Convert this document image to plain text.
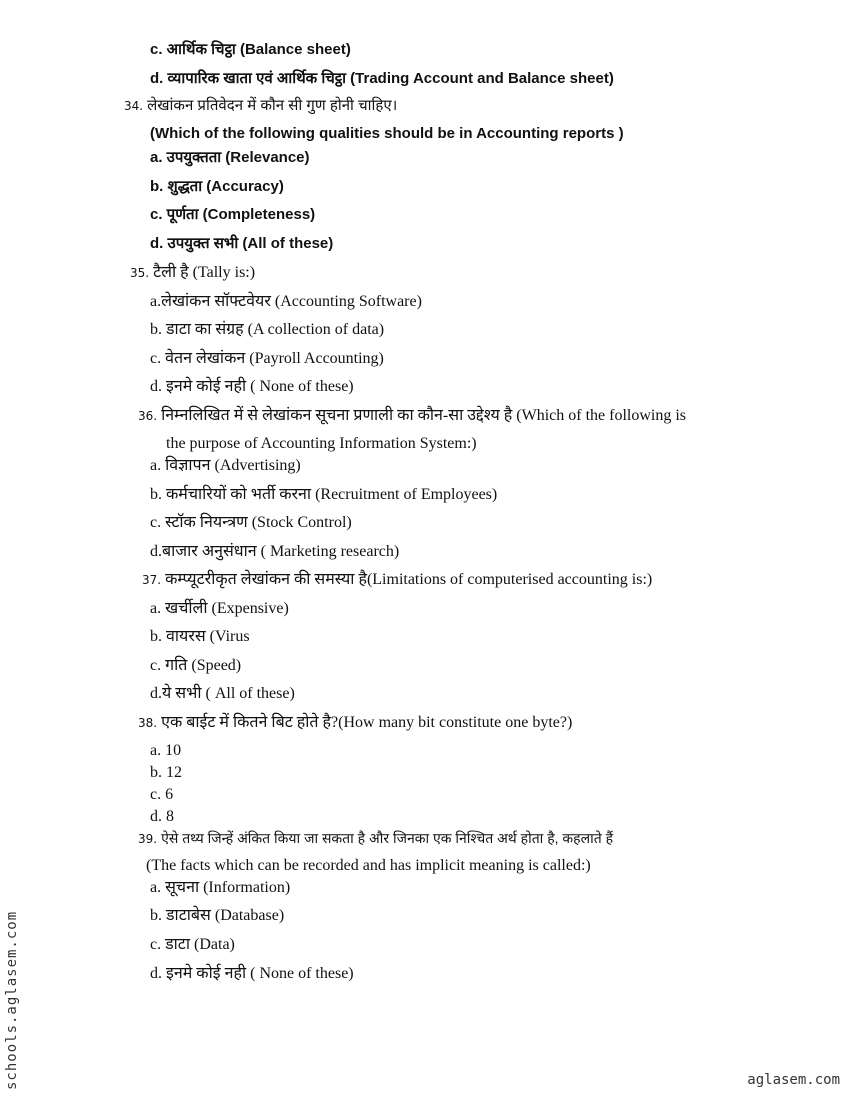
c. आर्थिक चिट्ठा (Balance sheet)
d. व्यापारिक खाता एवं आर्थिक चिट्ठा (Trading Account and Balance sheet)
34. लेखांकन प्रतिवेदन में कौन सी गुण होनी चाहिए।
(Which of the following qualities should be in Accounting reports )
a. उपयुक्तता (Relevance)
b. शुद्धता (Accuracy)
c. पूर्णता (Completeness)
d. उपयुक्त सभी (All of these)
35. टैली है (Tally is:)
a.लेखांकन सॉफ्टवेयर (Accounting Software)
b. डाटा का संग्रह (A collection of data)
c. वेतन लेखांकन (Payroll Accounting)
d. इनमे कोई नही ( None of these)
36. निम्नलिखित में से लेखांकन सूचना प्रणाली का कौन-सा उद्देश्य है (Which of the following is
the purpose of Accounting Information System:)
a. विज्ञापन (Advertising)
b. कर्मचारियों को भर्ती करना (Recruitment of Employees)
c. स्टॉक नियन्त्रण (Stock Control)
d.बाजार अनुसंधान ( Marketing research)
37. कम्प्यूटरीकृत लेखांकन की समस्या है(Limitations of computerised accounting is:)
a. खर्चीली (Expensive)
b. वायरस (Virus
c. गति (Speed)
d.ये सभी ( All of these)
38. एक बाईट में कितने बिट होते है?(How many bit constitute one byte?)
a. 10
b. 12
c. 6
d. 8
39. ऐसे तथ्य जिन्हें अंकित किया जा सकता है और जिनका एक निश्चित अर्थ होता है, कहलाते हैं
(The facts which can be recorded and has implicit meaning is called:)
a. सूचना (Information)
b. डाटाबेस (Database)
c. डाटा (Data)
d. इनमे कोई नही ( None of these)
schools.aglasem.com	aglasem.com
